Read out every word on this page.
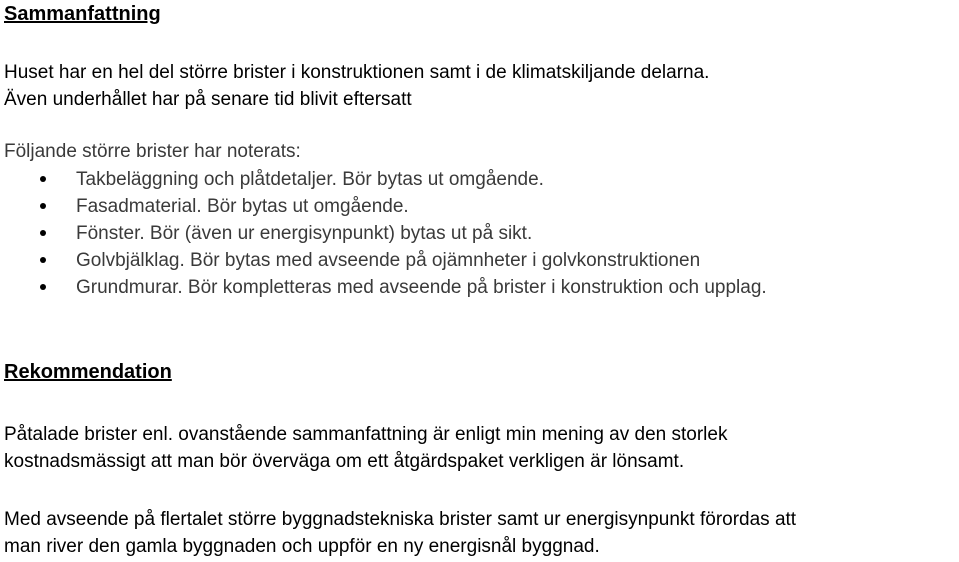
Sammanfattning

Huset har en hel del större brister i konstruktionen samt i de klimatskiljande delarna.

Även underhållet har på senare tid blivit eftersatt

Följande större brister har noterats:

Takbeläggning och plåtdetaljer. Bör bytas ut omgående.
Fasadmaterial. Bör bytas ut omgående.
Fönster. Bör (även ur energisynpunkt) bytas ut på sikt.
Golvbjälklag. Bör bytas med avseende på ojämnheter i golvkonstruktionen
Grundmurar. Bör kompletteras med avseende på brister i konstruktion och upplag.
Rekommendation

Påtalade brister enl. ovanstående sammanfattning är enligt min mening av den storlek

kostnadsmässigt att man bör överväga om ett åtgärdspaket verkligen är lönsamt.

Med avseende på flertalet större byggnadstekniska brister samt ur energisynpunkt förordas att

man river den gamla byggnaden och uppför en ny energisnål byggnad.
